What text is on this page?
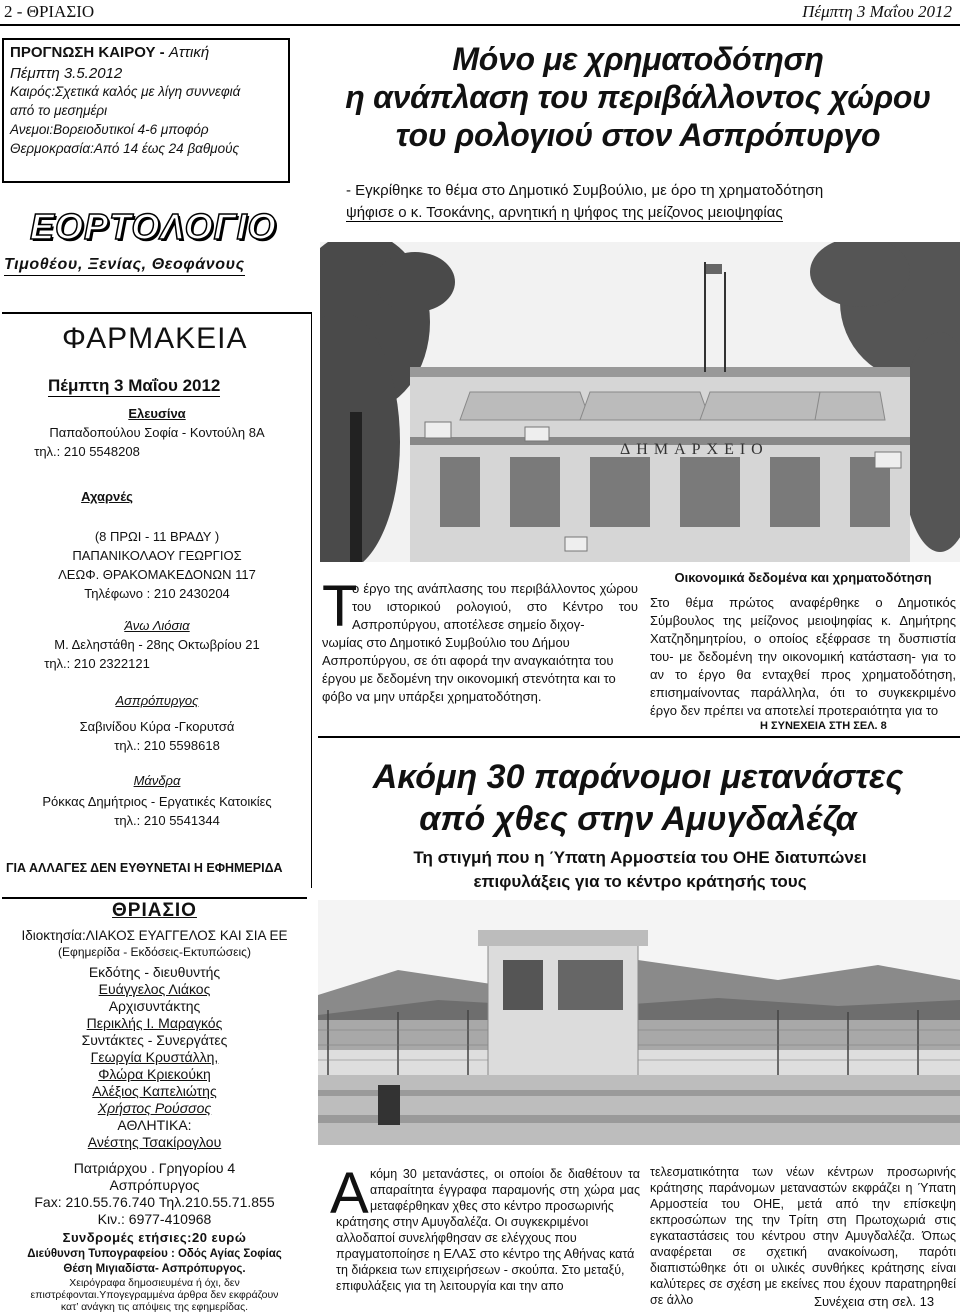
2 - ΘΡΙΑΣΙΟ	Πέμπτη 3 Μαΐου 2012
ΠΡΟΓΝΩΣΗ ΚΑΙΡΟΥ - Αττική
Πέμπτη 3.5.2012
Καιρός:Σχετικά καλός με λίγη συννεφιά
από το μεσημέρι
Ανεμοι:Βορειοδυτικοί 4-6 μποφόρ
Θερμοκρασία:Από 14 έως 24 βαθμούς
ΕΟΡΤΟΛΟΓΙΟ
Τιμοθέου, Ξενίας, Θεοφάνους
ΦΑΡΜΑΚΕΙΑ
Πέμπτη 3 Μαΐου 2012
Ελευσίνα
Παπαδοπούλου Σοφία - Κοντούλη 8Α
τηλ.: 210 5548208
Αχαρνές
(8 ΠΡΩΙ - 11 ΒΡΑΔΥ )
ΠΑΠΑΝΙΚΟΛΑΟΥ ΓΕΩΡΓΙΟΣ
ΛΕΩΦ. ΘΡΑΚΟΜΑΚΕΔΟΝΩΝ 117
Τηλέφωνο : 210 2430204
Άνω Λιόσια
Μ. Δεληστάθη - 28ης Οκτωβρίου 21
τηλ.: 210 2322121
Ασπρόπυργος
Σαβινίδου Κύρα -Γκορυτσά
τηλ.: 210 5598618
Μάνδρα
Ρόκκας Δημήτριος - Εργατικές Κατοικίες
τηλ.: 210 5541344
ΓΙΑ ΑΛΛΑΓΕΣ ΔΕΝ ΕΥΘΥΝΕΤΑΙ Η ΕΦΗΜΕΡΙΔΑ
ΘΡΙΑΣΙΟ
Ιδιοκτησία:ΛΙΑΚΟΣ ΕΥΑΓΓΕΛΟΣ ΚΑΙ ΣΙΑ ΕΕ
(Εφημερίδα - Εκδόσεις-Εκτυπώσεις)
Εκδότης - διευθυντής
Ευάγγελος Λιάκος
Αρχισυντάκτης
Περικλής Ι. Μαραγκός
Συντάκτες - Συνεργάτες
Γεωργία Κρυστάλλη,
Φλώρα Κριεκούκη
Αλέξιος Καπελιώτης
Χρήστος Ρούσσος
ΑΘΛΗΤΙΚΑ:
Ανέστης Τσακίρογλου
Πατριάρχου . Γρηγορίου 4
Ασπρόπυργος
Fax: 210.55.76.740 Τηλ.210.55.71.855
Κιν.: 6977-410968
Συνδρομές ετήσιες:20 ευρώ
Διεύθυνση Τυπογραφείου : Οδός Αγίας Σοφίας
Θέση Μιγιαδίστα- Ασπρόπυργος.
Χειρόγραφα δημοσιευμένα ή όχι, δεν
επιστρέφονται.Υπογεγραμμένα άρθρα δεν εκφράζουν
κατ’ ανάγκη τις απόψεις της εφημερίδας.
Μόνο με χρηματοδότηση
η ανάπλαση του περιβάλλοντος χώρου
του ρολογιού στον Ασπρόπυργο
- Εγκρίθηκε το θέμα στο Δημοτικό Συμβούλιο, με όρο τη χρηματοδότηση
ψήφισε ο κ. Τσοκάνης, αρνητική η ψήφος της μείζονος μειοψηφίας
ΔΗΜΑΡΧΕΙΟ
Τ
ο έργο της ανάπλασης του περιβάλλοντος χώρου του ιστορικού ρολογιού, στο Κέντρο του Ασπροπύργου, αποτέλεσε σημείο διχογ-
νωμίας στο Δημοτικό Συμβούλιο του Δήμου Ασπροπύργου, σε ότι αφορά την αναγκαιότητα του έργου με δεδομένη την οικονομική στενότητα και το φόβο να μην υπάρξει χρηματοδότηση.
Οικονομικά δεδομένα και χρηματοδότηση
Στο θέμα πρώτος αναφέρθηκε ο Δημοτικός Σύμβουλος της μείζονος μειοψηφίας κ. Δημήτρης Χατζηδημητρίου, ο οποίος εξέφρασε τη δυσπιστία του- με δεδομένη την οικονομική κατάσταση- για το αν το έργο θα ενταχθεί προς χρηματοδότηση, επισημαίνοντας παράλληλα, ότι το συγκεκριμένο έργο δεν πρέπει να αποτελεί προτεραιότητα για το
Η ΣΥΝΕΧΕΙΑ ΣΤΗ ΣΕΛ. 8
Ακόμη 30 παράνομοι μετανάστες
από χθες στην Αμυγδαλέζα
Τη στιγμή που η Ύπατη Αρμοστεία του ΟΗΕ διατυπώνει
επιφυλάξεις για το κέντρο κράτησής τους
Α κόμη 30 μετανάστες, οι οποίοι δε διαθέτουν τα απαραίτητα έγγραφα παραμονής στη χώρα μας μεταφέρθηκαν χθες στο κέντρο προσωρινής
κράτησης στην Αμυγδαλέζα. Οι συγκεκριμένοι αλλοδαποί συνελήφθησαν σε ελέγχους που πραγματοποίησε η ΕΛΑΣ στο κέντρο της Αθήνας κατά τη διάρκεια των επιχειρήσεων - σκούπα. Στο μεταξύ, επιφυλάξεις για τη λειτουργία και την απο
τελεσματικότητα των νέων κέντρων προσωρινής κράτησης παράνομων μεταναστών εκφράζει η Ύπατη Αρμοστεία του ΟΗΕ, μετά από την επίσκεψη εκπροσώπων της την Τρίτη στη Πρωτοχωριά στις εγκαταστάσεις του κέντρου στην Αμυγδαλέζα. Όπως αναφέρεται σε σχετική ανακοίνωση, παρότι διαπιστώθηκε ότι οι υλικές συνθήκες κράτησης είναι καλύτερες σε σχέση με εκείνες που έχουν παρατηρηθεί σε άλλο	Συνέχεια στη σελ. 13
